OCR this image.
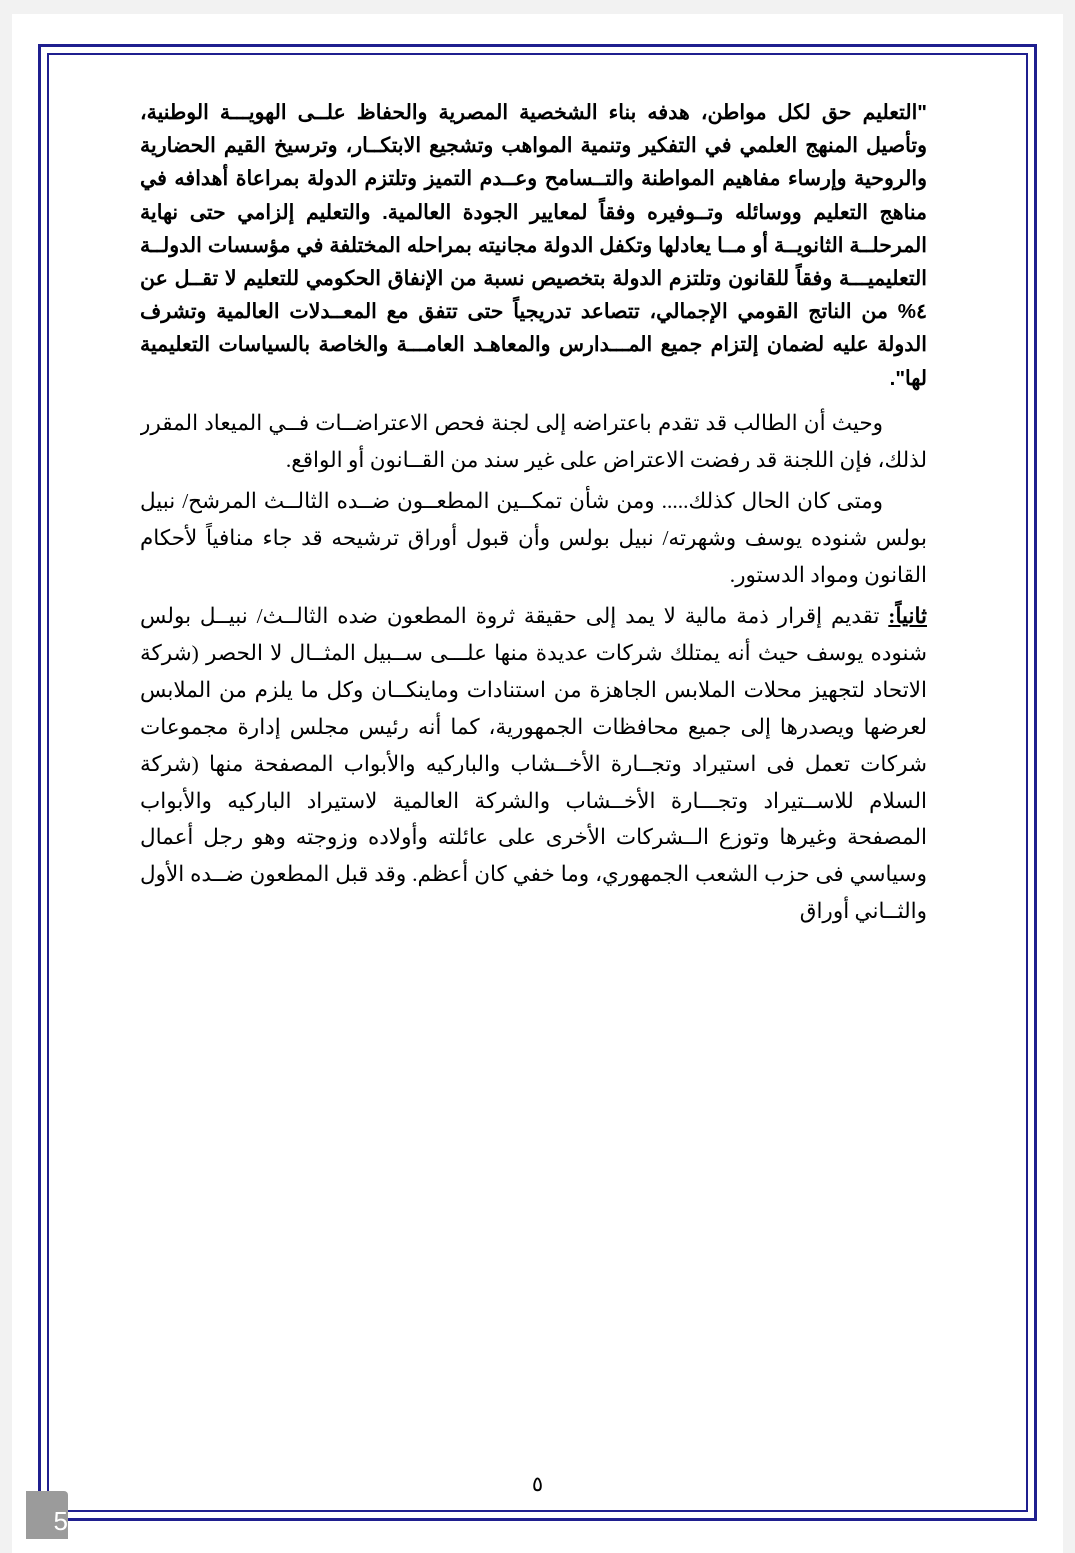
"التعليم حق لكل مواطن، هدفه بناء الشخصية المصرية والحفاظ علــى الهويـــة الوطنية، وتأصيل المنهج العلمي في التفكير وتنمية المواهب وتشجيع الابتكــار، وترسيخ القيم الحضارية والروحية وإرساء مفاهيم المواطنة والتــسامح وعــدم التميز وتلتزم الدولة بمراعاة أهدافه في مناهج التعليم ووسائله وتــوفيره وفقاً لمعايير الجودة العالمية. والتعليم إلزامي حتى نهاية المرحلــة الثانويــة أو مــا يعادلها وتكفل الدولة مجانيته بمراحله المختلفة في مؤسسات الدولــة التعليميـــة وفقاً للقانون وتلتزم الدولة بتخصيص نسبة من الإنفاق الحكومي للتعليم لا تقــل عن ٤% من الناتج القومي الإجمالي، تتصاعد تدريجياً حتى تتفق مع المعــدلات العالمية وتشرف الدولة عليه لضمان إلتزام جميع المـــدارس والمعاهـد العامـــة والخاصة بالسياسات التعليمية لها".

وحيث أن الطالب قد تقدم باعتراضه إلى لجنة فحص الاعتراضــات فــي الميعاد المقرر لذلك، فإن اللجنة قد رفضت الاعتراض على غير سند من القــانون أو الواقع.

ومتى كان الحال كذلك..... ومن شأن تمكــين المطعــون ضــده الثالــث المرشح/ نبيل بولس شنوده يوسف وشهرته/ نبيل بولس وأن قبول أوراق ترشيحه قد جاء منافياً لأحكام القانون ومواد الدستور.

ثانياً: تقديم إقرار ذمة مالية لا يمد إلى حقيقة ثروة المطعون ضده الثالــث/ نبيــل بولس شنوده يوسف حيث أنه يمتلك شركات عديدة منها علـــى ســبيل المثــال لا الحصر (شركة الاتحاد لتجهيز محلات الملابس الجاهزة من استنادات وماينكــان وكل ما يلزم من الملابس لعرضها ويصدرها إلى جميع محافظات الجمهورية، كما أنه رئيس مجلس إدارة مجموعات شركات تعمل فى استيراد وتجــارة الأخــشاب والباركيه والأبواب المصفحة منها (شركة السلام للاســتيراد وتجـــارة الأخــشاب والشركة العالمية لاستيراد الباركيه والأبواب المصفحة وغيرها وتوزع الــشركات الأخرى على عائلته وأولاده وزوجته وهو رجل أعمال وسياسي فى حزب الشعب الجمهوري، وما خفي كان أعظم. وقد قبل المطعون ضــده الأول والثــاني أوراق

٥
5
